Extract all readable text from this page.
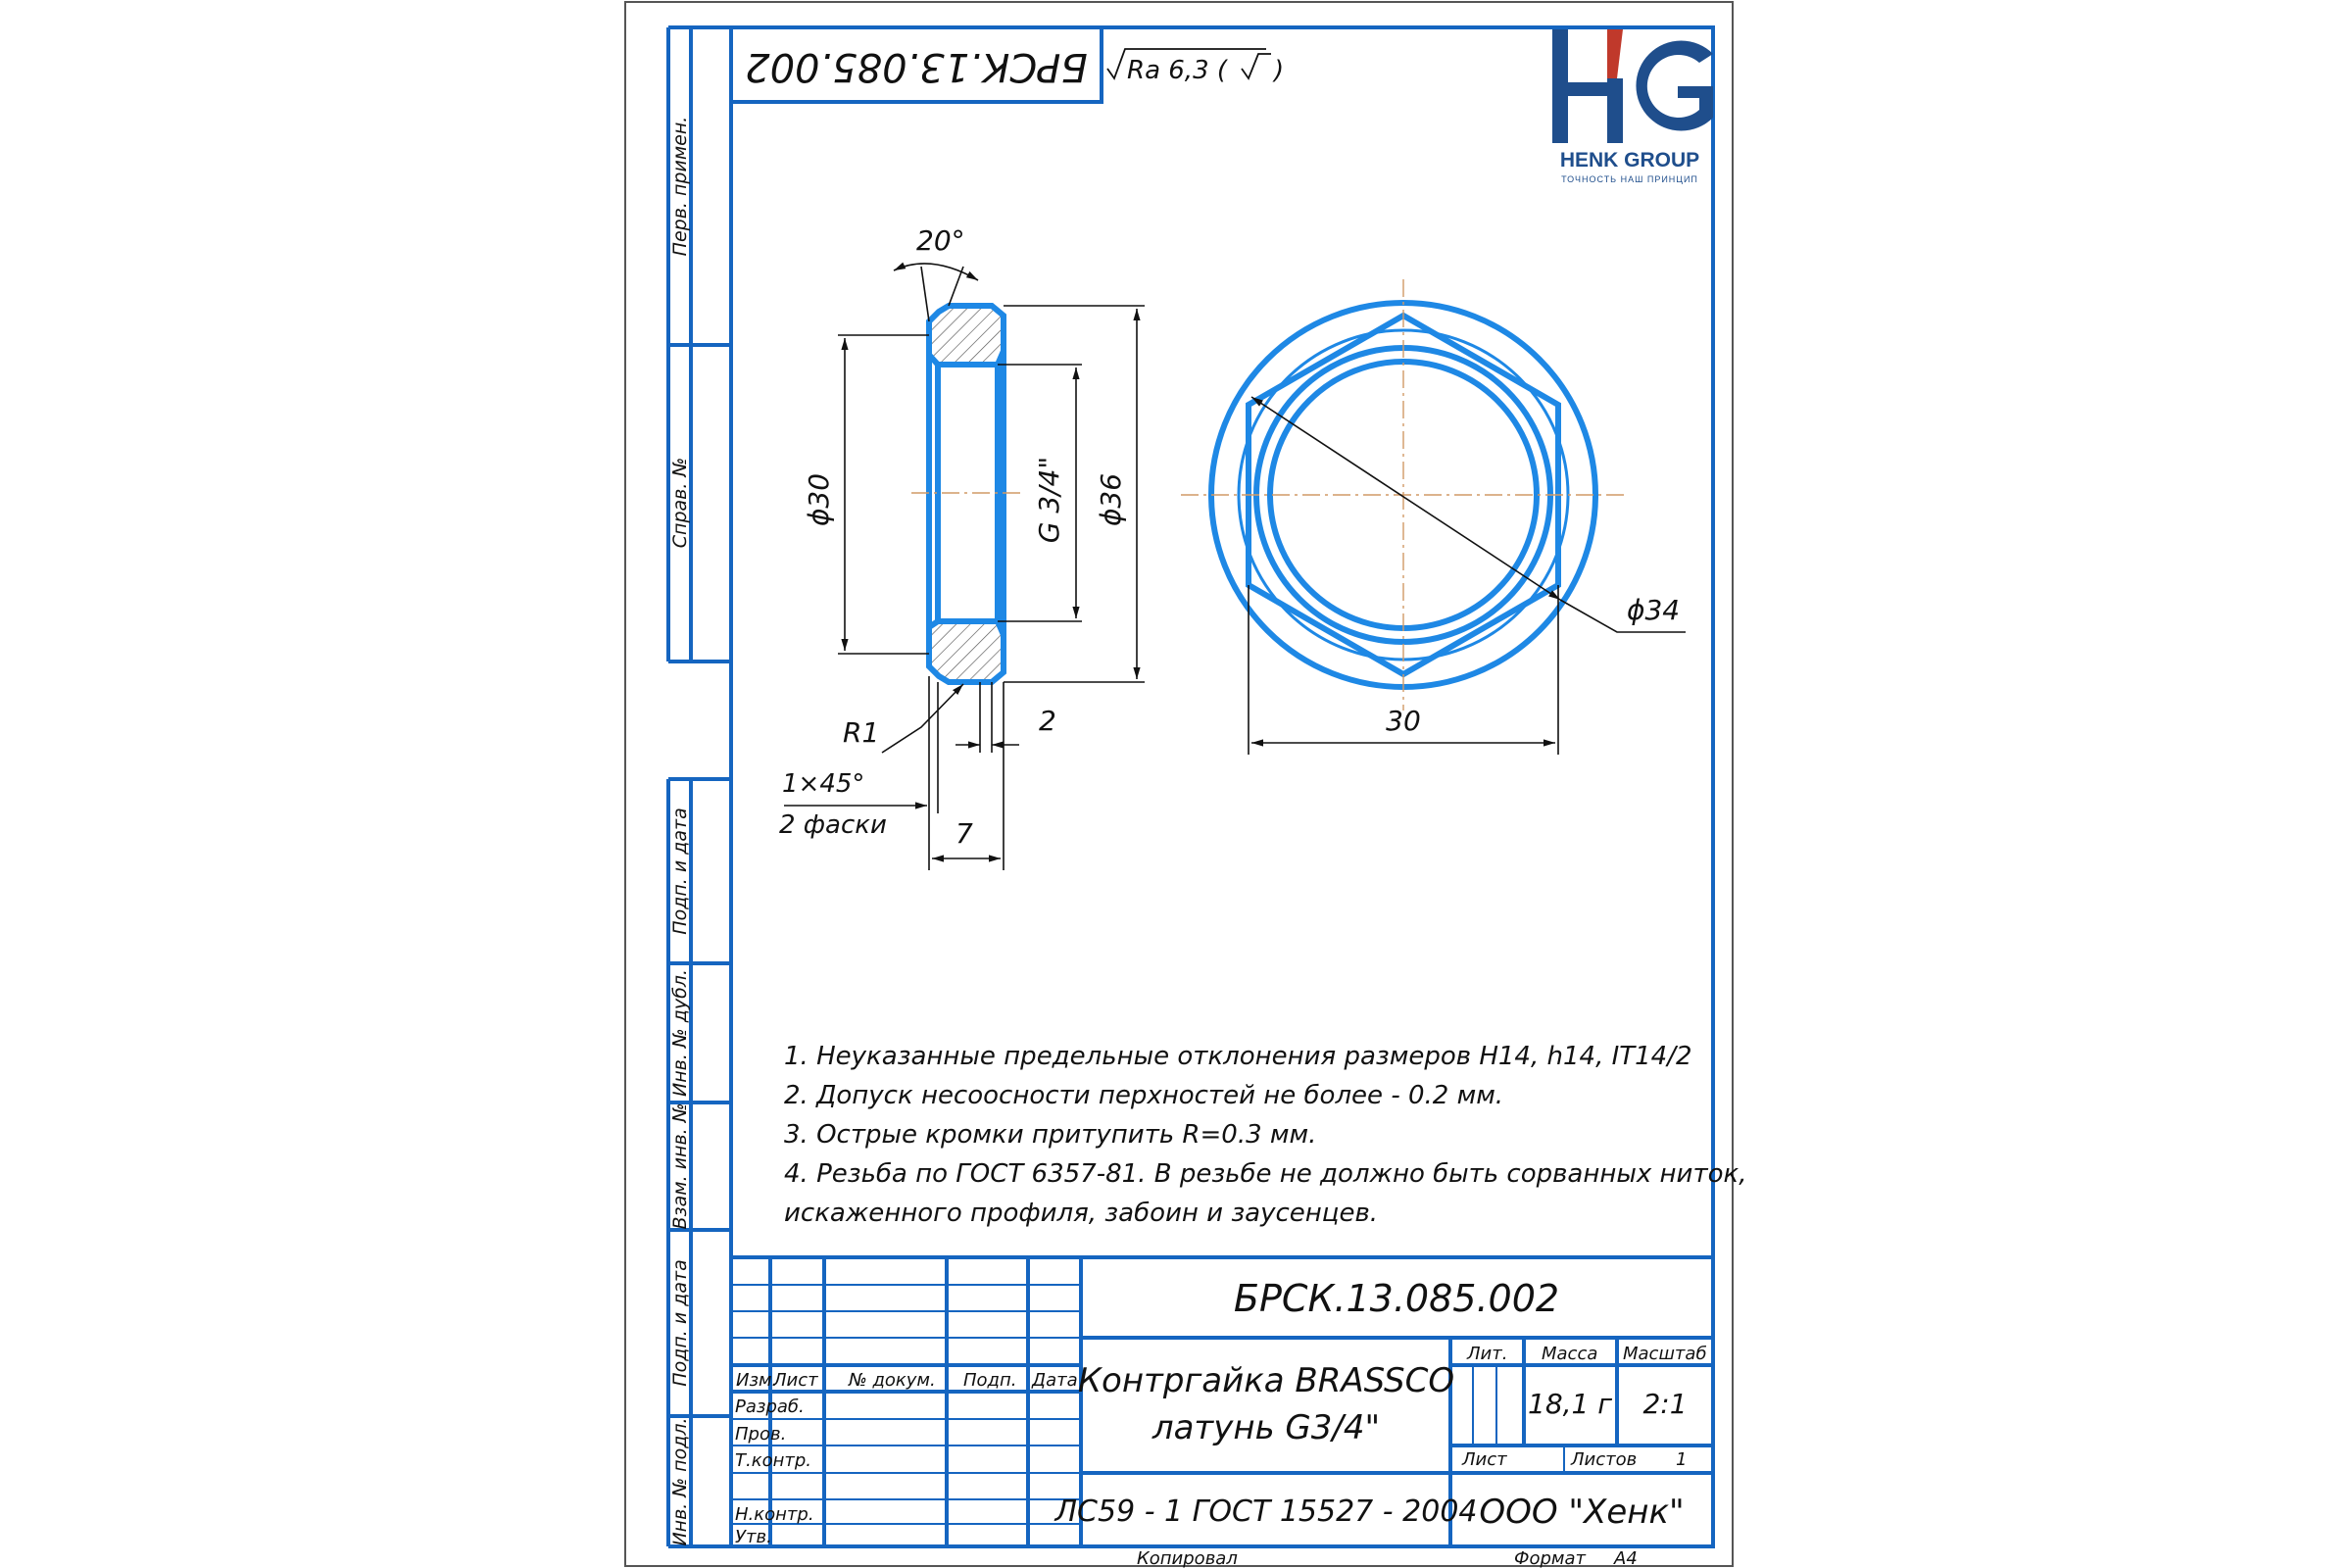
Перв. примен.
Справ. №
Подп. и дата
Инв. № дубл.
Взам. инв. №
Подп. и дата
Инв. № подл.
БРСК.13.085.002 Ra 6,3 ( )
HENK GROUP
ТОЧНОСТЬ НАШ ПРИНЦИП
ϕ30	G 3/4" ϕ36
20°
R1	2
1×45°
2 фаски	7
ϕ34
30
1. Неуказанные предельные отклонения размеров H14, h14, IT14/2
2. Допуск несоосности перхностей не более - 0.2 мм.
3. Острые кромки притупить R=0.3 мм.
4. Резьба по ГОСТ 6357-81. В резьбе не должно быть сорванных ниток,
искаженного профиля, забоин и заусенцев.
Изм.
Лист № докум. Подп. Дата
Разраб.
Пров.
Т.контр.
Н.контр.
Утв.
БРСК.13.085.002
Контргайка BRASSCO
латунь G3/4"
Лит. Масса Масштаб
18,1 г 2:1
Лист	Листов 1
ЛС59 - 1 ГОСТ 15527 - 2004 ООО "Хенк"
Копировал	Формат А4
